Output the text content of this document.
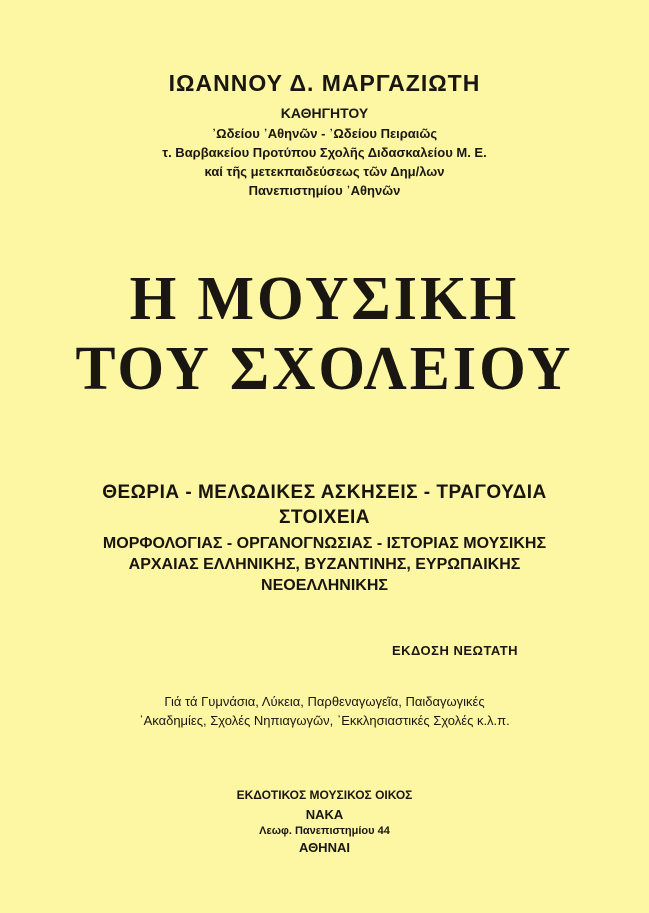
ΙΩΑΝΝΟΥ Δ. ΜΑΡΓΑΖΙΩΤΗ
ΚΑΘΗΓΗΤΟΥ
᾿Ωδείου ᾿Αθηνῶν - ᾿Ωδείου Πειραιῶς
τ. Βαρβακείου Προτύπου Σχολῆς Διδασκαλείου Μ. Ε.
καί τῆς μετεκπαιδεύσεως τῶν Δημ/λων
Πανεπιστημίου ᾿Αθηνῶν
Η ΜΟΥΣΙΚΗ
ΤΟΥ ΣΧΟΛΕΙΟΥ
ΘΕΩΡΙΑ - ΜΕΛΩΔΙΚΕΣ ΑΣΚΗΣΕΙΣ - ΤΡΑΓΟΥΔΙΑ
ΣΤΟΙΧΕΙΑ
ΜΟΡΦΟΛΟΓΙΑΣ - ΟΡΓΑΝΟΓΝΩΣΙΑΣ - ΙΣΤΟΡΙΑΣ ΜΟΥΣΙΚΗΣ
ΑΡΧΑΙΑΣ ΕΛΛΗΝΙΚΗΣ, ΒΥΖΑΝΤΙΝΗΣ, ΕΥΡΩΠΑΙΚΗΣ
ΝΕΟΕΛΛΗΝΙΚΗΣ
ΕΚΔΟΣΗ ΝΕΩΤΑΤΗ
Γιά τά Γυμνάσια, Λύκεια, Παρθεναγωγεῖα, Παιδαγωγικές
᾿Ακαδημίες, Σχολές Νηπιαγωγῶν, ᾿Εκκλησιαστικές Σχολές κ.λ.π.
ΕΚΔΟΤΙΚΟΣ ΜΟΥΣΙΚΟΣ ΟΙΚΟΣ
ΝΑΚΑ
Λεωφ. Πανεπιστημίου 44
ΑΘΗΝΑΙ
